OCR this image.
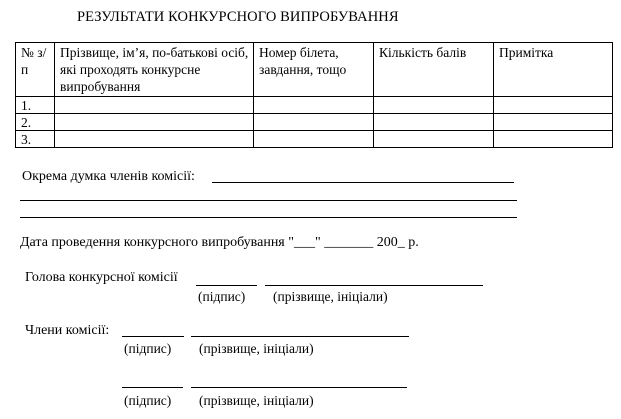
РЕЗУЛЬТАТИ КОНКУРСНОГО ВИПРОБУВАННЯ
№ з/п	Прізвище, ім’я, по-батькові осіб, які проходять конкурсне випробування	Номер білета, завдання, тощо	Кількість балів	Примітка
1.				
2.				
3.				
Окрема думка членів комісії:
Дата проведення конкурсного випробування "___" _______ 200_ р.
Голова конкурсної комісії
(підпис) (прізвище, ініціали)
Члени комісії:
(підпис) (прізвище, ініціали)
(підпис) (прізвище, ініціали)
